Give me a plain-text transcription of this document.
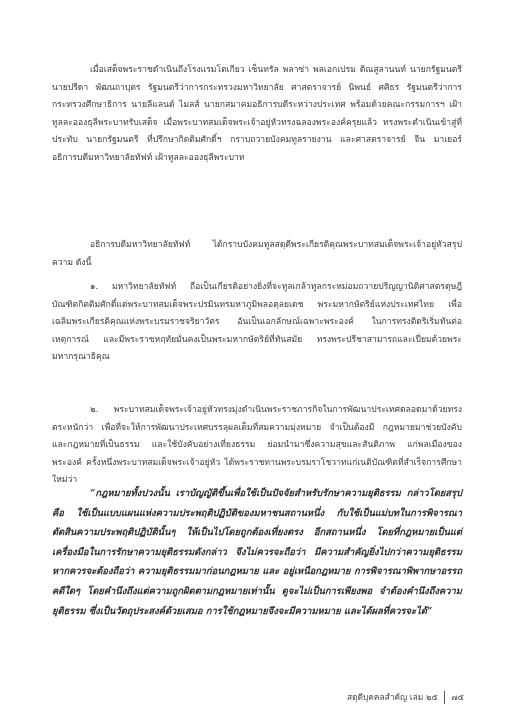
เมื่อเสด็จพระราชดำเนินถึงโรงแรมโตเกียว เซ็นทรัล พลาซ่า พลเอกเปรม ติณสูลานนท์ นายกรัฐมนตรี นายปรีดา พัฒนถาบุตร รัฐมนตรีว่าการกระทรวงมหาวิทยาลัย ศาสตราจารย์ นิพนธ์ ศศิธร รัฐมนตรีว่าการกระทรวงศึกษาธิการ นายลีแลนด์ ไมลส์ นายกสมาคมอธิการบดีระหว่างประเทศ พร้อมด้วยคณะกรรมการฯ เฝ้าทูลละอองธุลีพระบาทรับเสด็จ เมื่อพระบาทสมเด็จพระเจ้าอยู่หัวทรงฉลองพระองค์ครุยแล้ว ทรงพระดำเนินเข้าสู่ที่ประทับ นายกรัฐมนตรี ที่ปรึกษากิตติมศักดิ์ฯ กราบถวายบังคมทูลรายงาน และศาสตราจารย์ จีน มาเยอร์ อธิการบดีมหาวิทยาลัยทัฟท์ เฝ้าทูลละอองธุลีพระบาท
อธิการบดีมหาวิทยาลัยทัฟท์ ได้กราบบังคมทูลสดุดีพระเกียรติคุณพระบาทสมเด็จพระเจ้าอยู่หัวสรุปความ ดังนี้
๑. มหาวิทยาลัยทัฟท์ ถือเป็นเกียรติอย่างยิ่งที่จะทูลเกล้าทูลกระหม่อมถวายปริญญานิติศาสตรดุษฎีบัณฑิตกิตติมศักดิ์แด่พระบาทสมเด็จพระปรมินทรมหาภูมิพลอดุลยเดช พระมหากษัตริย์แห่งประเทศไทย เพื่อเฉลิมพระเกียรติคุณแห่งพระบรมราชจริยาวัตร อันเป็นเอกลักษณ์เฉพาะพระองค์ ในการทรงติดริเริ่มทันต่อเหตุการณ์ และมีพระราชหฤทัยมั่นคงเป็นพระมหากษัตริย์ที่ทันสมัย ทรงพระปรีชาสามารถและเปี่ยมด้วยพระมหากรุณาธิคุณ
๒. พระบาทสมเด็จพระเจ้าอยู่หัวทรงมุ่งดำเนินพระราชภารกิจในการพัฒนาประเทศตลอดมาด้วยทรงตระหนักว่า เพื่อที่จะให้การพัฒนาประเทศบรรลุผลเต็มที่สมความมุ่งหมาย จำเป็นต้องมี กฎหมายมาช่วยบังคับ และกฎหมายที่เป็นธรรม และใช้บังคับอย่างเที่ยงธรรม ย่อมนำมาซึ่งความสุขและสันติภาพ แก่พลเมืองของพระองค์ ครั้งหนึ่งพระบาทสมเด็จพระเจ้าอยู่หัว ได้พระราชทานพระบรมราโชวาทแก่เนติบัณฑิตที่สำเร็จการศึกษาใหม่ว่า
“กฎหมายทั้งปวงนั้น เราบัญญัติขึ้นเพื่อใช้เป็นปัจจัยสำหรับรักษาความยุติธรรม กล่าวโดยสรุปคือ ใช้เป็นแบบแผนแห่งความประพฤติปฏิบัติของมหาชนสถานหนึ่ง กับใช้เป็นแม่บทในการพิจารณาตัดสินความประพฤติปฏิบัตินั้นๆ ให้เป็นไปโดยถูกต้องเที่ยงตรง อีกสถานหนึ่ง โดยที่กฎหมายเป็นแต่เครื่องมือในการรักษาความยุติธรรมดังกล่าว จึงไม่ควรจะถือว่า มีความสำคัญยิ่งไปกว่าความยุติธรรม หากควรจะต้องถือว่า ความยุติธรรมมาก่อนกฎหมาย และ อยู่เหนือกฎหมาย การพิจารณาพิพากษาอรรถคดีใดๆ โดยคำนึงถึงแต่ความถูกผิดตามกฎหมายเท่านั้น ดูจะไม่เป็นการเพียงพอ จำต้องคำนึงถึงความยุติธรรม ซึ่งเป็นวัตถุประสงค์ด้วยเสมอ การใช้กฎหมายจึงจะมีความหมาย และได้ผลที่ควรจะได้”
สดุดีบุคคลสำคัญ เล่ม ๒๕ ๗๕
